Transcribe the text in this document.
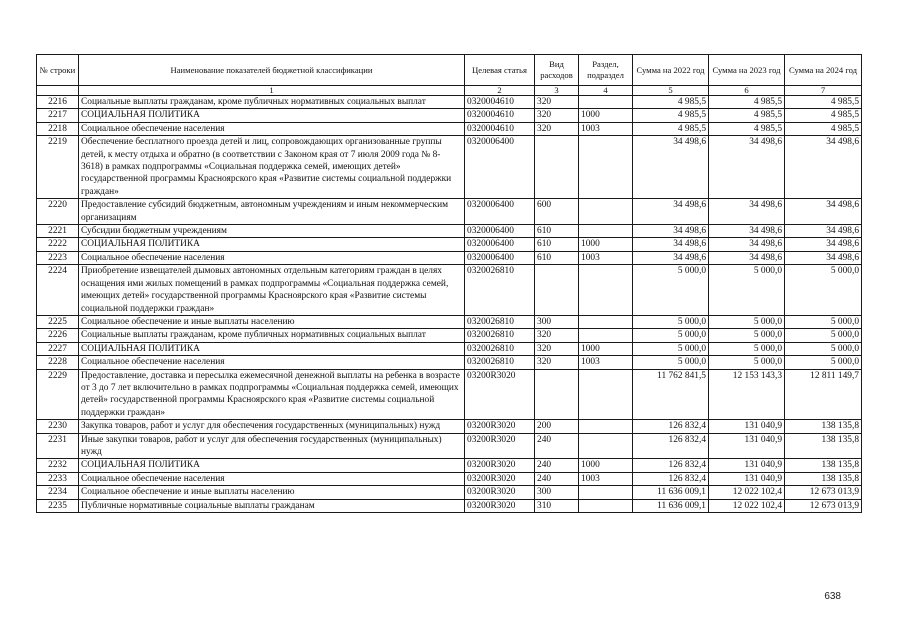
№ строки	Наименование показателей бюджетной классификации	Целевая статья	Вид расходов	Раздел, подраздел	Сумма на 2022 год	Сумма на 2023 год	Сумма на 2024 год
	1	2	3	4	5	6	7
2216	Социальные выплаты гражданам, кроме публичных нормативных социальных выплат	0320004610	320		4 985,5	4 985,5	4 985,5
2217	СОЦИАЛЬНАЯ ПОЛИТИКА	0320004610	320	1000	4 985,5	4 985,5	4 985,5
2218	Социальное обеспечение населения	0320004610	320	1003	4 985,5	4 985,5	4 985,5
2219	Обеспечение бесплатного проезда детей и лиц, сопровождающих организованные группы детей, к месту отдыха и обратно (в соответствии с Законом края от 7 июля 2009 года № 8-3618) в рамках подпрограммы «Социальная поддержка семей, имеющих детей» государственной программы Красноярского края «Развитие системы социальной поддержки граждан»	0320006400			34 498,6	34 498,6	34 498,6
2220	Предоставление субсидий бюджетным, автономным учреждениям и иным некоммерческим организациям	0320006400	600		34 498,6	34 498,6	34 498,6
2221	Субсидии бюджетным учреждениям	0320006400	610		34 498,6	34 498,6	34 498,6
2222	СОЦИАЛЬНАЯ ПОЛИТИКА	0320006400	610	1000	34 498,6	34 498,6	34 498,6
2223	Социальное обеспечение населения	0320006400	610	1003	34 498,6	34 498,6	34 498,6
2224	Приобретение извещателей дымовых автономных отдельным категориям граждан в целях оснащения ими жилых помещений в рамках подпрограммы «Социальная поддержка семей, имеющих детей» государственной программы Красноярского края «Развитие системы социальной поддержки граждан»	0320026810			5 000,0	5 000,0	5 000,0
2225	Социальное обеспечение и иные выплаты населению	0320026810	300		5 000,0	5 000,0	5 000,0
2226	Социальные выплаты гражданам, кроме публичных нормативных социальных выплат	0320026810	320		5 000,0	5 000,0	5 000,0
2227	СОЦИАЛЬНАЯ ПОЛИТИКА	0320026810	320	1000	5 000,0	5 000,0	5 000,0
2228	Социальное обеспечение населения	0320026810	320	1003	5 000,0	5 000,0	5 000,0
2229	Предоставление, доставка и пересылка ежемесячной денежной выплаты на ребенка в возрасте от 3 до 7 лет включительно в рамках подпрограммы «Социальная поддержка семей, имеющих детей» государственной программы Красноярского края «Развитие системы социальной поддержки граждан»	03200R3020			11 762 841,5	12 153 143,3	12 811 149,7
2230	Закупка товаров, работ и услуг для обеспечения государственных (муниципальных) нужд	03200R3020	200		126 832,4	131 040,9	138 135,8
2231	Иные закупки товаров, работ и услуг для обеспечения государственных (муниципальных) нужд	03200R3020	240		126 832,4	131 040,9	138 135,8
2232	СОЦИАЛЬНАЯ ПОЛИТИКА	03200R3020	240	1000	126 832,4	131 040,9	138 135,8
2233	Социальное обеспечение населения	03200R3020	240	1003	126 832,4	131 040,9	138 135,8
2234	Социальное обеспечение и иные выплаты населению	03200R3020	300		11 636 009,1	12 022 102,4	12 673 013,9
2235	Публичные нормативные социальные выплаты гражданам	03200R3020	310		11 636 009,1	12 022 102,4	12 673 013,9
638
